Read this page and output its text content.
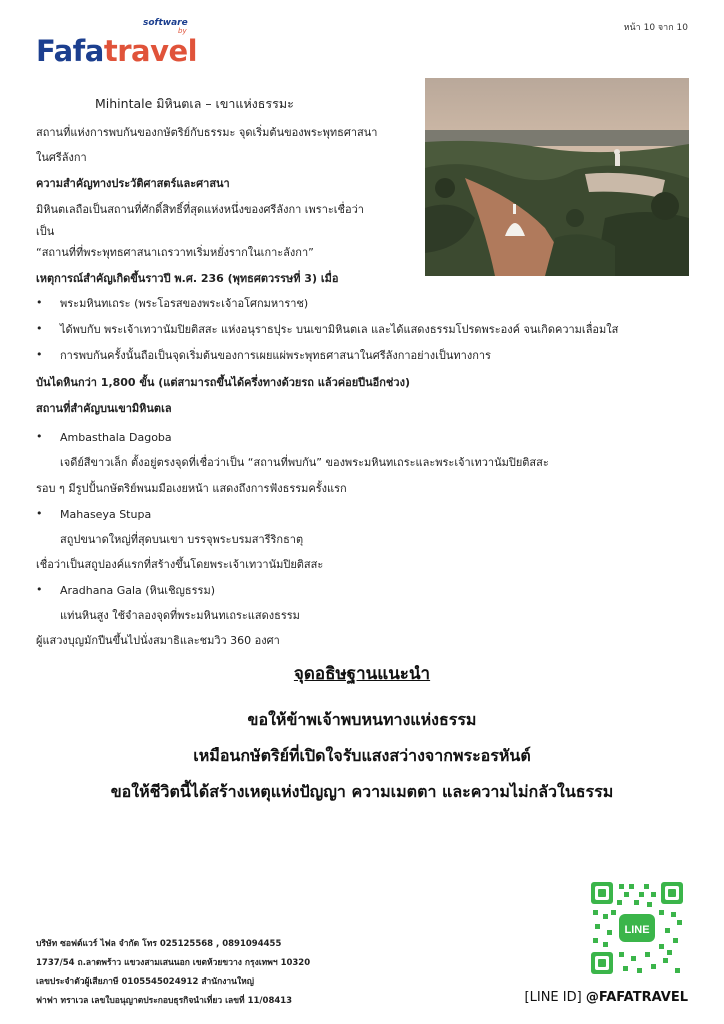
หน้า 10 จาก 10
software
by
Fafatravel
Mihintale มิหินตเล – เขาแห่งธรรมะ
สถานที่แห่งการพบกันของกษัตริย์กับธรรมะ จุดเริ่มต้นของพระพุทธศาสนา
ในศรีลังกา
ความสำคัญทางประวัติศาสตร์และศาสนา
มิหินตเลถือเป็นสถานที่ศักดิ์สิทธิ์ที่สุดแห่งหนึ่งของศรีลังกา เพราะเชื่อว่า
เป็น
“สถานที่ที่พระพุทธศาสนาเถรวาทเริ่มหยั่งรากในเกาะลังกา”
เหตุการณ์สำคัญเกิดขึ้นราวปี พ.ศ. 236 (พุทธศตวรรษที่ 3) เมื่อ
• พระมหินทเถระ (พระโอรสของพระเจ้าอโศกมหาราช)
• ได้พบกับ พระเจ้าเทวานัมปิยติสสะ แห่งอนุราธปุระ บนเขามิหินตเล และได้แสดงธรรมโปรดพระองค์ จนเกิดความเลื่อมใส
• การพบกันครั้งนั้นถือเป็นจุดเริ่มต้นของการเผยแผ่พระพุทธศาสนาในศรีลังกาอย่างเป็นทางการ
บันไดหินกว่า 1,800 ขั้น (แต่สามารถขึ้นได้ครึ่งทางด้วยรถ แล้วค่อยปีนอีกช่วง)
สถานที่สำคัญบนเขามิหินตเล
• Ambasthala Dagoba
เจดีย์สีขาวเล็ก ตั้งอยู่ตรงจุดที่เชื่อว่าเป็น “สถานที่พบกัน” ของพระมหินทเถระและพระเจ้าเทวานัมปิยติสสะ
รอบ ๆ มีรูปปั้นกษัตริย์พนมมือเงยหน้า แสดงถึงการฟังธรรมครั้งแรก
• Mahaseya Stupa
สถูปขนาดใหญ่ที่สุดบนเขา บรรจุพระบรมสารีริกธาตุ
เชื่อว่าเป็นสถูปองค์แรกที่สร้างขึ้นโดยพระเจ้าเทวานัมปิยติสสะ
• Aradhana Gala (หินเชิญธรรม)
แท่นหินสูง ใช้จำลองจุดที่พระมหินทเถระแสดงธรรม
ผู้แสวงบุญมักปีนขึ้นไปนั่งสมาธิและชมวิว 360 องศา
จุดอธิษฐานแนะนำ
ขอให้ข้าพเจ้าพบหนทางแห่งธรรม
เหมือนกษัตริย์ที่เปิดใจรับแสงสว่างจากพระอรหันต์
ขอให้ชีวิตนี้ได้สร้างเหตุแห่งปัญญา ความเมตตา และความไม่กลัวในธรรม
บริษัท ซอฟต์แวร์ ไฟล จำกัด โทร 025125568 , 0891094455
1737/54 ถ.ลาดพร้าว แขวงสามเสนนอก เขตห้วยขวาง กรุงเทพฯ 10320
เลขประจำตัวผู้เสียภาษี 0105545024912 สำนักงานใหญ่
ฟาฟา ทราเวล เลขใบอนุญาตประกอบธุรกิจนำเที่ยว เลขที่ 11/08413
LINE
[LINE ID] @FAFATRAVEL
